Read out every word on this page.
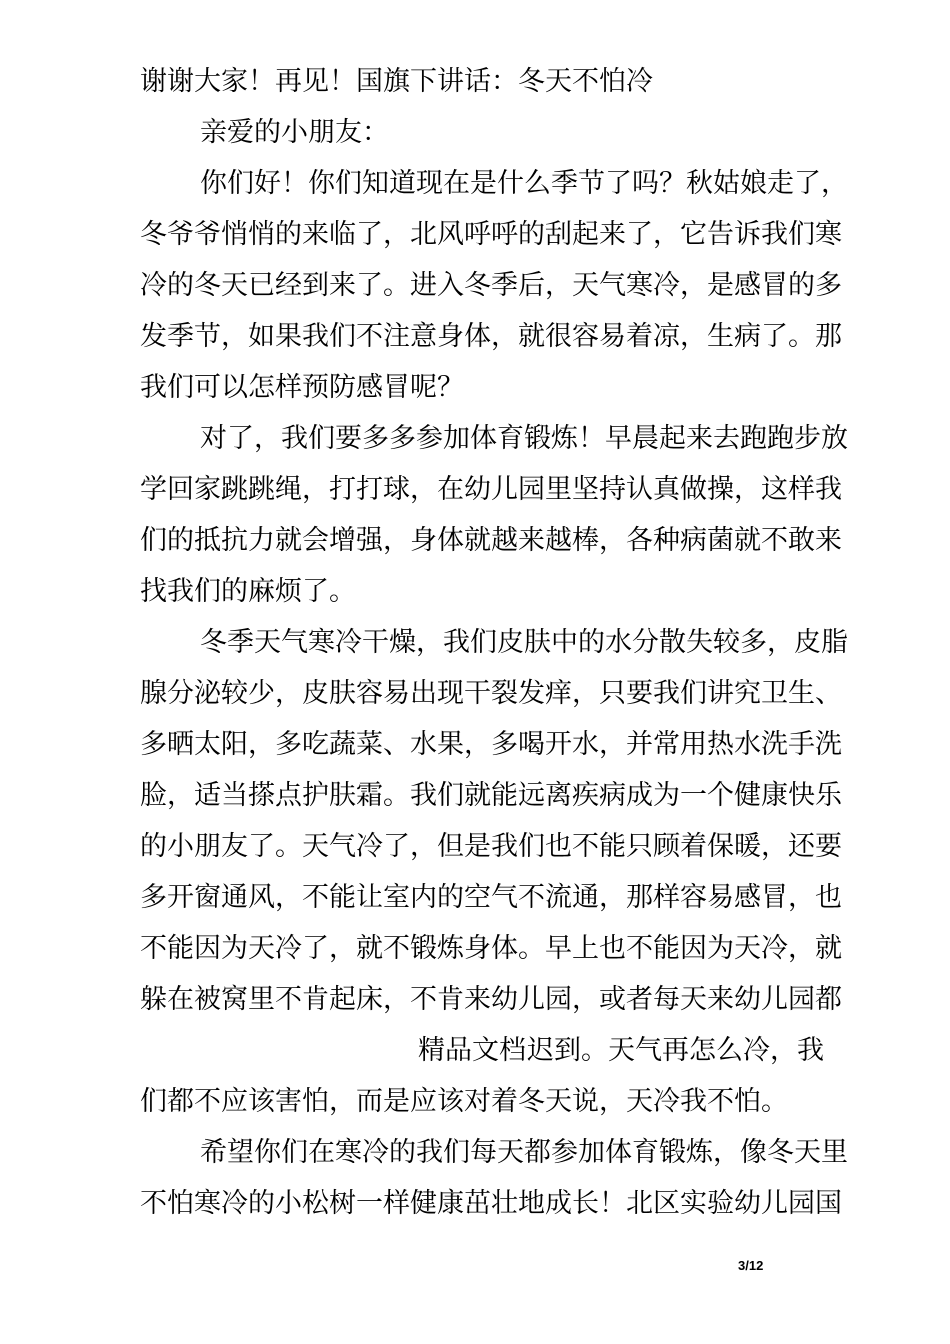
谢谢大家！再见！国旗下讲话：冬天不怕冷
亲爱的小朋友：
你们好！你们知道现在是什么季节了吗？秋姑娘走了，
冬爷爷悄悄的来临了，北风呼呼的刮起来了，它告诉我们寒
冷的冬天已经到来了。进入冬季后，天气寒冷，是感冒的多
发季节，如果我们不注意身体，就很容易着凉，生病了。那
我们可以怎样预防感冒呢？
对了，我们要多多参加体育锻炼！早晨起来去跑跑步放
学回家跳跳绳，打打球，在幼儿园里坚持认真做操，这样我
们的抵抗力就会增强，身体就越来越棒，各种病菌就不敢来
找我们的麻烦了。
冬季天气寒冷干燥，我们皮肤中的水分散失较多，皮脂
腺分泌较少，皮肤容易出现干裂发痒，只要我们讲究卫生、
多晒太阳，多吃蔬菜、水果，多喝开水，并常用热水洗手洗
脸，适当搽点护肤霜。我们就能远离疾病成为一个健康快乐
的小朋友了。天气冷了，但是我们也不能只顾着保暖，还要
多开窗通风，不能让室内的空气不流通，那样容易感冒，也
不能因为天冷了，就不锻炼身体。早上也不能因为天冷，就
躲在被窝里不肯起床，不肯来幼儿园，或者每天来幼儿园都
精品文档 迟到。天气再怎么冷，我
们都不应该害怕，而是应该对着冬天说，天冷我不怕。
希望你们在寒冷的我们每天都参加体育锻炼，像冬天里
不怕寒冷的小松树一样健康茁壮地成长！北区实验幼儿园国
3/12
